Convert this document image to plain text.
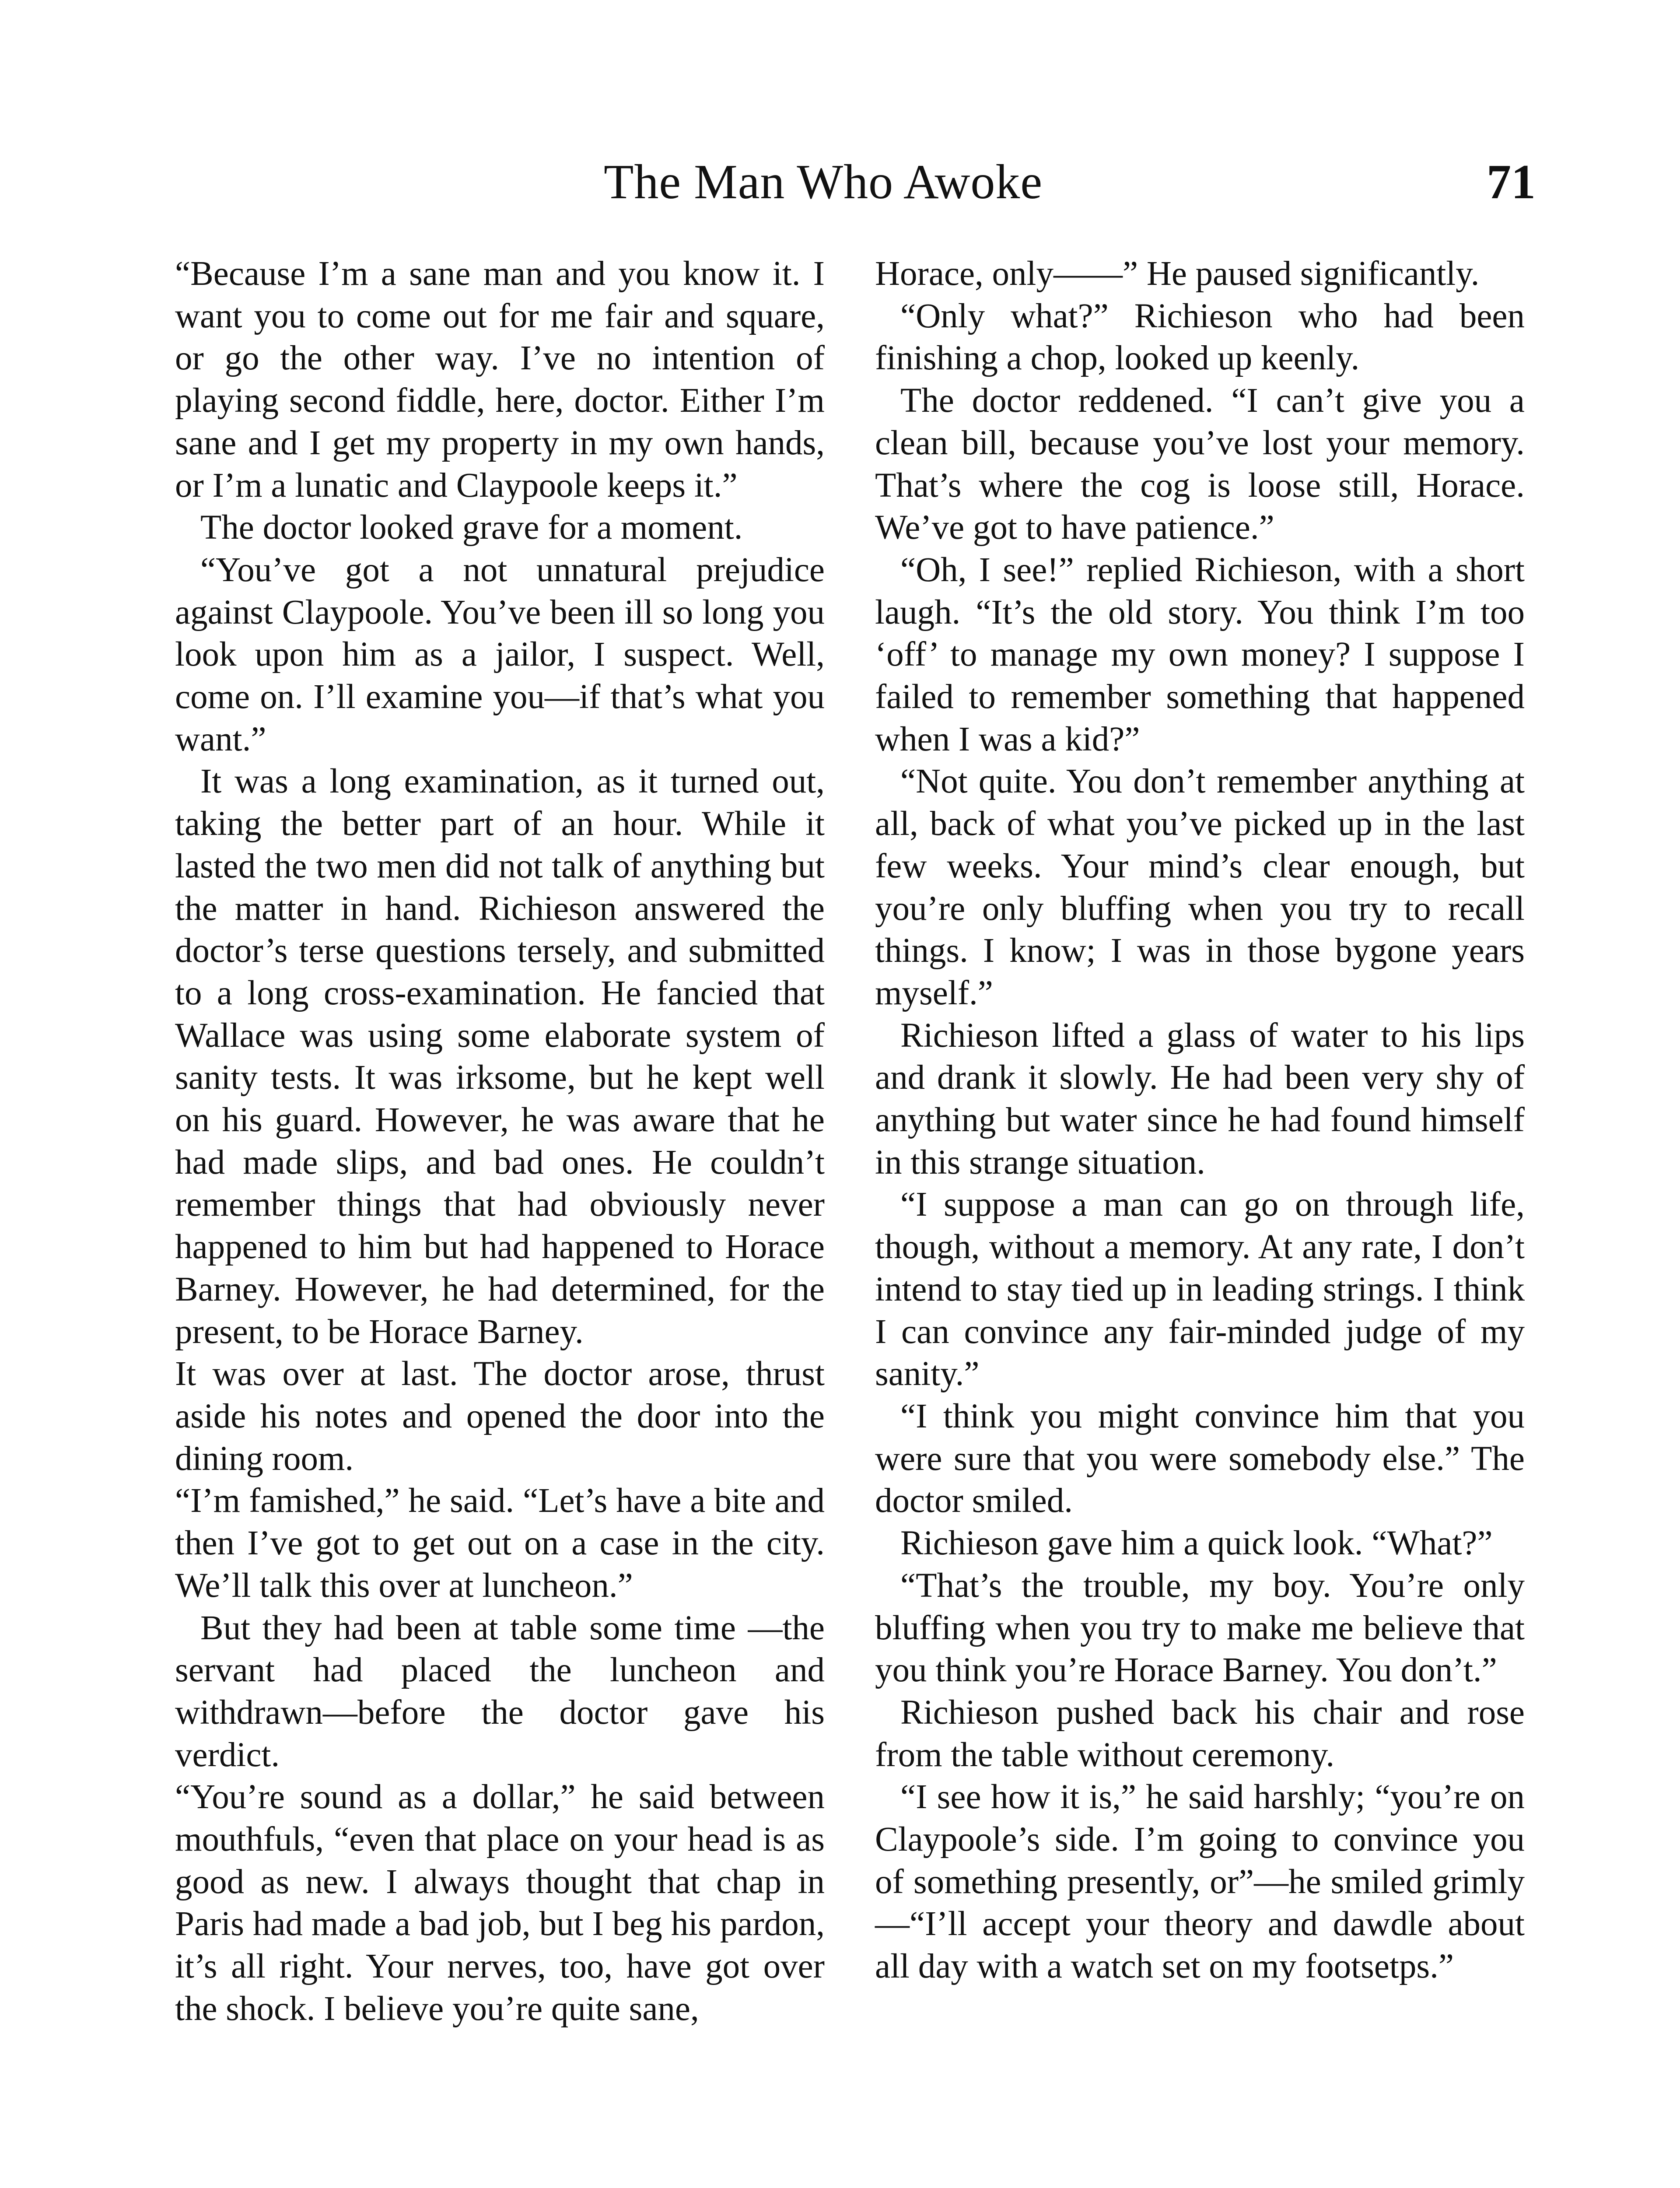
The Man Who Awoke	71

“Because I’m a sane man and you know it. I want you to come out for me fair and square, or go the other way. I’ve no intention of playing second fiddle, here, doctor. Either I’m sane and I get my property in my own hands, or I’m a lunatic and Claypoole keeps it.”

The doctor looked grave for a moment.

“You’ve got a not unnatural prejudice against Claypoole. You’ve been ill so long you look upon him as a jailor, I suspect. Well, come on. I’ll examine you—if that’s what you want.”

It was a long examination, as it turned out, taking the better part of an hour. While it lasted the two men did not talk of anything but the matter in hand. Richieson answered the doctor’s terse questions tersely, and submitted to a long cross-examination. He fancied that Wallace was using some elaborate system of sanity tests. It was irksome, but he kept well on his guard. However, he was aware that he had made slips, and bad ones. He couldn’t remember things that had obviously never happened to him but had happened to Horace Barney. However, he had determined, for the present, to be Horace Barney.

It was over at last. The doctor arose, thrust aside his notes and opened the door into the dining room.

“I’m famished,” he said. “Let’s have a bite and then I’ve got to get out on a case in the city. We’ll talk this over at luncheon.”

But they had been at table some time —the servant had placed the luncheon and withdrawn—before the doctor gave his verdict.

“You’re sound as a dollar,” he said between mouthfuls, “even that place on your head is as good as new. I always thought that chap in Paris had made a bad job, but I beg his pardon, it’s all right. Your nerves, too, have got over the shock. I believe you’re quite sane,

Horace, only——” He paused significantly.

“Only what?” Richieson who had been finishing a chop, looked up keenly.

The doctor reddened. “I can’t give you a clean bill, because you’ve lost your memory. That’s where the cog is loose still, Horace. We’ve got to have patience.”

“Oh, I see!” replied Richieson, with a short laugh. “It’s the old story. You think I’m too ‘off’ to manage my own money? I suppose I failed to remember something that happened when I was a kid?”

“Not quite. You don’t remember anything at all, back of what you’ve picked up in the last few weeks. Your mind’s clear enough, but you’re only bluffing when you try to recall things. I know; I was in those bygone years myself.”

Richieson lifted a glass of water to his lips and drank it slowly. He had been very shy of anything but water since he had found himself in this strange situation.

“I suppose a man can go on through life, though, without a memory. At any rate, I don’t intend to stay tied up in leading strings. I think I can convince any fair-minded judge of my sanity.”

“I think you might convince him that you were sure that you were somebody else.” The doctor smiled.

Richieson gave him a quick look. “What?”

“That’s the trouble, my boy. You’re only bluffing when you try to make me believe that you think you’re Horace Barney. You don’t.”

Richieson pushed back his chair and rose from the table without ceremony.

“I see how it is,” he said harshly; “you’re on Claypoole’s side. I’m going to convince you of something presently, or”—he smiled grimly—“I’ll accept your theory and dawdle about all day with a watch set on my footsetps.”
